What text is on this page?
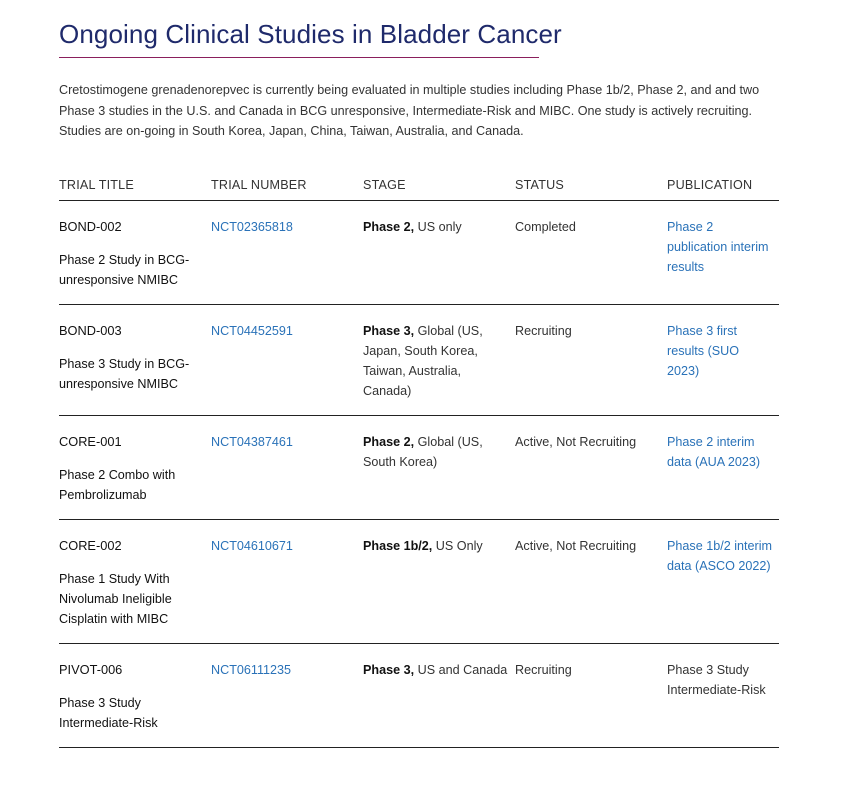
Ongoing Clinical Studies in Bladder Cancer

Cretostimogene grenadenorepvec is currently being evaluated in multiple studies including Phase 1b/2, Phase 2, and and two Phase 3 studies in the U.S. and Canada in BCG unresponsive, Intermediate-Risk and MIBC. One study is actively recruiting. Studies are on-going in South Korea, Japan, China, Taiwan, Australia, and Canada.

TRIAL TITLE	TRIAL NUMBER	STAGE	STATUS	PUBLICATION

BOND-002
Phase 2 Study in BCG-unresponsive NMIBC	NCT02365818	Phase 2, US only	Completed	Phase 2 publication interim results

BOND-003
Phase 3 Study in BCG-unresponsive NMIBC	NCT04452591	Phase 3, Global (US, Japan, South Korea, Taiwan, Australia, Canada)	Recruiting	Phase 3 first results (SUO 2023)

CORE-001
Phase 2 Combo with Pembrolizumab	NCT04387461	Phase 2, Global (US, South Korea)	Active, Not Recruiting	Phase 2 interim data (AUA 2023)

CORE-002
Phase 1 Study With Nivolumab Ineligible Cisplatin with MIBC	NCT04610671	Phase 1b/2, US Only	Active, Not Recruiting	Phase 1b/2 interim data (ASCO 2022)

PIVOT-006
Phase 3 Study Intermediate-Risk	NCT06111235	Phase 3, US and Canada	Recruiting	Phase 3 Study Intermediate-Risk
